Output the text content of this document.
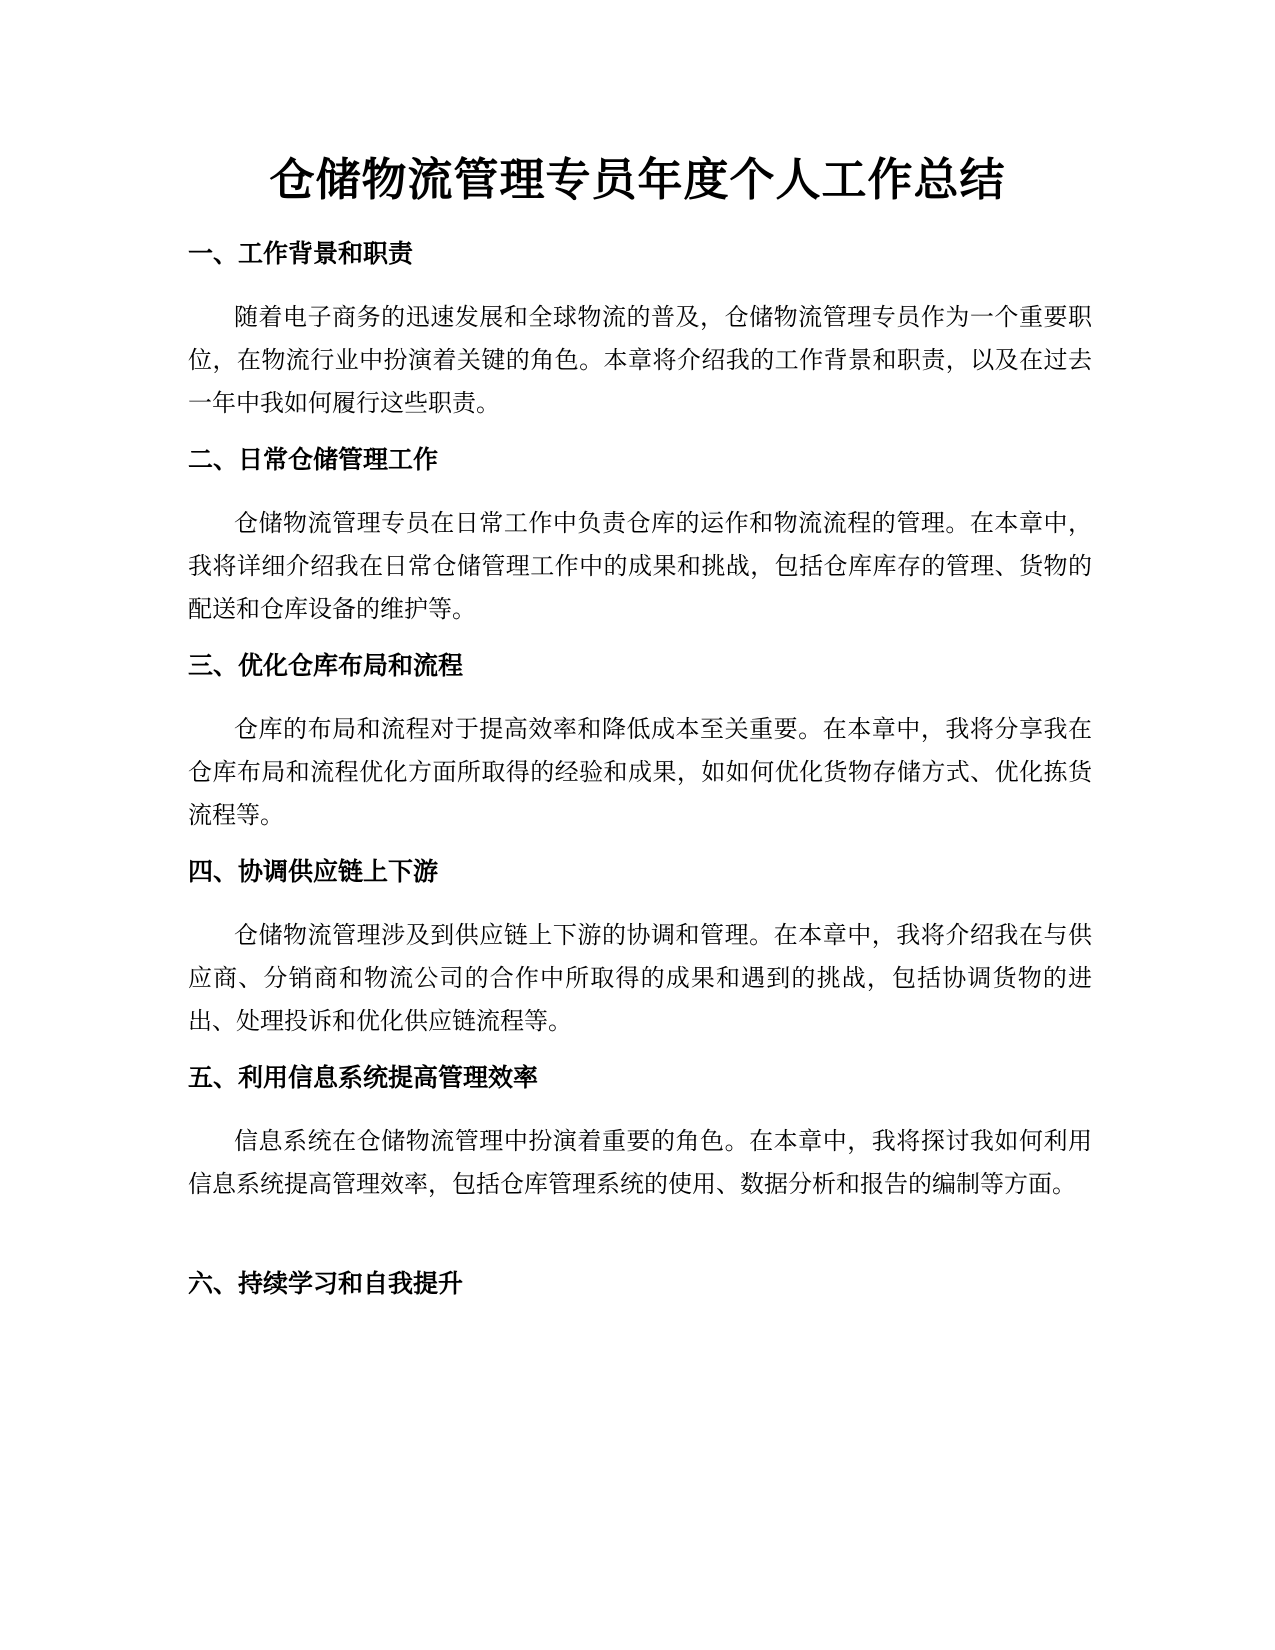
仓储物流管理专员年度个人工作总结
一、工作背景和职责

随着电子商务的迅速发展和全球物流的普及，仓储物流管理专员作为一个重要职位，在物流行业中扮演着关键的角色。本章将介绍我的工作背景和职责，以及在过去一年中我如何履行这些职责。

二、日常仓储管理工作

仓储物流管理专员在日常工作中负责仓库的运作和物流流程的管理。在本章中，我将详细介绍我在日常仓储管理工作中的成果和挑战，包括仓库库存的管理、货物的配送和仓库设备的维护等。

三、优化仓库布局和流程

仓库的布局和流程对于提高效率和降低成本至关重要。在本章中，我将分享我在仓库布局和流程优化方面所取得的经验和成果，如如何优化货物存储方式、优化拣货流程等。

四、协调供应链上下游

仓储物流管理涉及到供应链上下游的协调和管理。在本章中，我将介绍我在与供应商、分销商和物流公司的合作中所取得的成果和遇到的挑战，包括协调货物的进出、处理投诉和优化供应链流程等。

五、利用信息系统提高管理效率

信息系统在仓储物流管理中扮演着重要的角色。在本章中，我将探讨我如何利用信息系统提高管理效率，包括仓库管理系统的使用、数据分析和报告的编制等方面。

六、持续学习和自我提升
